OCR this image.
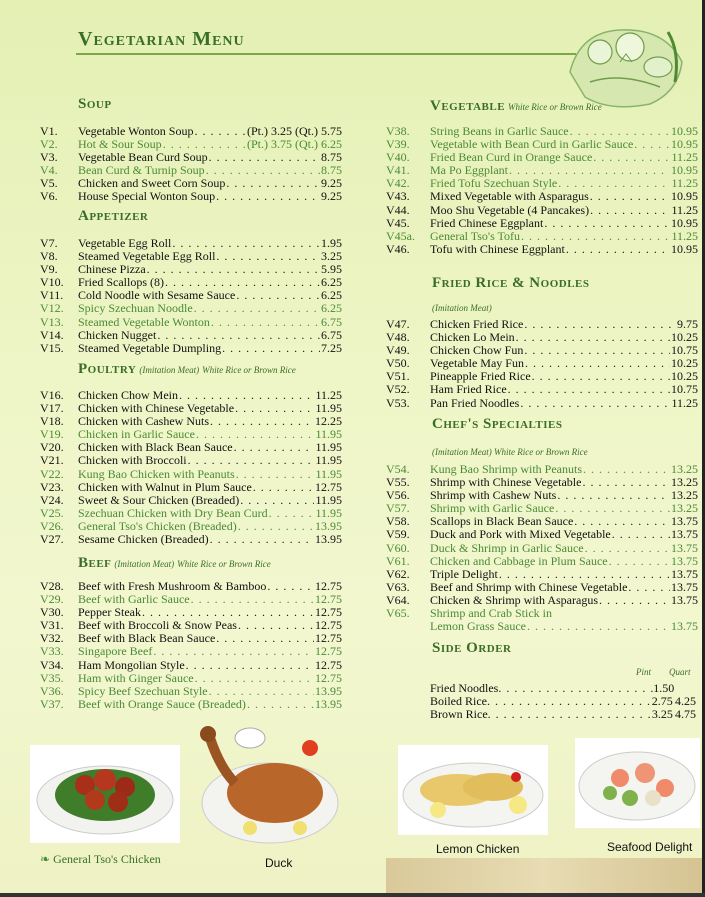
Vegetarian Menu
Soup
V1.	Vegetable Wonton Soup . . .	(Pt.) 3.25 (Qt.) 5.75
V2.	Hot & Sour Soup . . .	(Pt.) 3.75 (Qt.) 6.25
V3.	Vegetable Bean Curd Soup . . .	8.75
V4.	Bean Curd & Turnip Soup . . .	8.75
V5.	Chicken and Sweet Corn Soup . . .	9.25
V6.	House Special Wonton Soup . . .	9.25
Appetizer
V7.	Vegetable Egg Roll . . .	1.95
V8.	Steamed Vegetable Egg Roll . . .	3.25
V9.	Chinese Pizza . . .	5.95
V10.	Fried Scallops (8) . . .	6.25
V11.	Cold Noodle with Sesame Sauce . . .	6.25
V12.	Spicy Szechuan Noodle . . .	6.25
V13.	Steamed Vegetable Wonton . . .	6.75
V14.	Chicken Nugget . . .	6.75
V15.	Steamed Vegetable Dumpling . . .	7.25
Poultry (Imitation Meat) White Rice or Brown Rice
V16.	Chicken Chow Mein . . .	11.25
V17.	Chicken with Chinese Vegetable . . .	11.95
V18.	Chicken with Cashew Nuts . . .	12.25
V19.	Chicken in Garlic Sauce . . .	11.95
V20.	Chicken with Black Bean Sauce . . .	11.95
V21.	Chicken with Broccoli . . .	11.95
V22.	Kung Bao Chicken with Peanuts . . .	11.95
V23.	Chicken with Walnut in Plum Sauce . . .	12.75
V24.	Sweet & Sour Chicken (Breaded) . . .	11.95
V25.	Szechuan Chicken with Dry Bean Curd . . .	11.95
V26.	General Tso's Chicken (Breaded) . . .	13.95
V27.	Sesame Chicken (Breaded) . . .	13.95
Beef (Imitation Meat) White Rice or Brown Rice
V28.	Beef with Fresh Mushroom & Bamboo . . .	12.75
V29.	Beef with Garlic Sauce . . .	12.75
V30.	Pepper Steak . . .	12.75
V31.	Beef with Broccoli & Snow Peas . . .	12.75
V32.	Beef with Black Bean Sauce . . .	12.75
V33.	Singapore Beef . . .	12.75
V34.	Ham Mongolian Style . . .	12.75
V35.	Ham with Ginger Sauce . . .	12.75
V36.	Spicy Beef Szechuan Style . . .	13.95
V37.	Beef with Orange Sauce (Breaded) . . .	13.95
Vegetable White Rice or Brown Rice
V38.	String Beans in Garlic Sauce . . .	10.95
V39.	Vegetable with Bean Curd in Garlic Sauce . . .	10.95
V40.	Fried Bean Curd in Orange Sauce . . .	11.25
V41.	Ma Po Eggplant . . .	10.95
V42.	Fried Tofu Szechuan Style . . .	11.25
V43.	Mixed Vegetable with Asparagus . . .	10.95
V44.	Moo Shu Vegetable (4 Pancakes) . . .	11.25
V45.	Fried Chinese Eggplant . . .	10.95
V45a.	General Tso's Tofu . . .	11.25
V46.	Tofu with Chinese Eggplant . . .	10.95
Fried Rice & Noodles
(Imitation Meat)
V47.	Chicken Fried Rice . . .	9.75
V48.	Chicken Lo Mein . . .	10.25
V49.	Chicken Chow Fun . . .	10.75
V50.	Vegetable May Fun . . .	10.25
V51.	Pineapple Fried Rice . . .	10.25
V52.	Ham Fried Rice . . .	10.75
V53.	Pan Fried Noodles . . .	11.25
Chef's Specialties
(Imitation Meat) White Rice or Brown Rice
V54.	Kung Bao Shrimp with Peanuts . . .	13.25
V55.	Shrimp with Chinese Vegetable . . .	13.25
V56.	Shrimp with Cashew Nuts . . .	13.25
V57.	Shrimp with Garlic Sauce . . .	13.25
V58.	Scallops in Black Bean Sauce . . .	13.75
V59.	Duck and Pork with Mixed Vegetable . . .	13.75
V60.	Duck & Shrimp in Garlic Sauce . . .	13.75
V61.	Chicken and Cabbage in Plum Sauce . . .	13.75
V62.	Triple Delight . . .	13.75
V63.	Beef and Shrimp with Chinese Vegetable . . .	13.75
V64.	Chicken & Shrimp with Asparagus . . .	13.75
V65.	Shrimp and Crab Stick in
Lemon Grass Sauce . . .	13.75
Side Order
Pint Quart
Fried Noodles . . .	1.50
Boiled Rice . . .	2.75 4.25
Brown Rice . . .	3.25 4.75
❧ General Tso's Chicken	Duck
Lemon Chicken	Seafood Delight
